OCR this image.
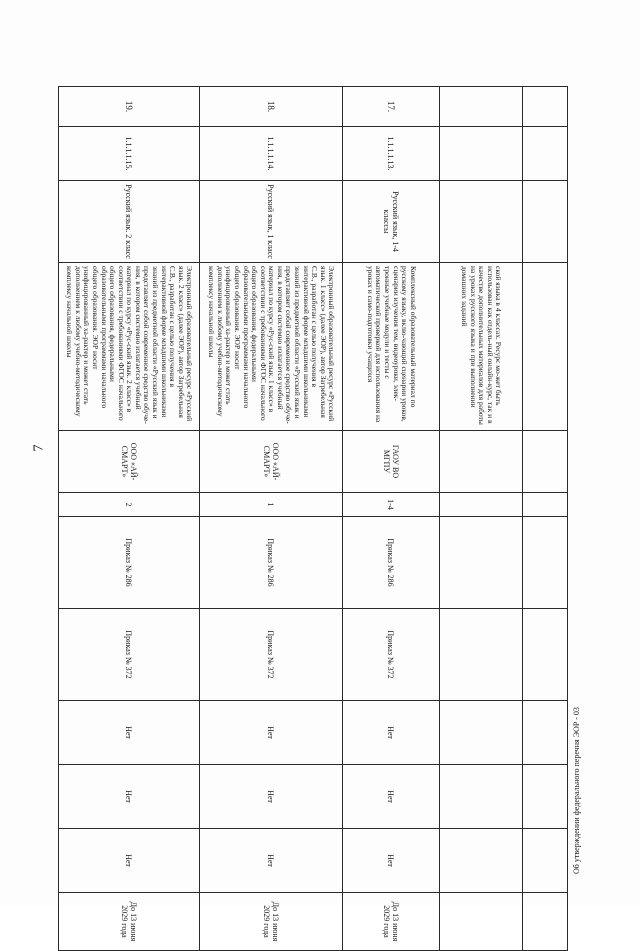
7

			ской языка в 4 классах. Ресурс мо-жет быть использован как отдель-ный онлайн-курс, так и в качестве дополнительных материалов для работы на уроках русского языка и при выполнении домашних заданий								
17.	1.1.1.1.13.	Русский язык, 1-4 классы	Комплексный образовательный материал по русскому языку, вклю-чающий сценарии уроков, сценарии изучения тем, видеоуроки, элек-тронные учебные модули и тесты с автоматической проверкой для использования на уроках и само-подготовки учащихся	ГАОУ ВО МГПУ	1-4	Приказ № 286	Приказ № 372	Нет	Нет	Нет	До 13 июня 2029 года
18.	1.1.1.1.14.	Русский язык, 1 класс	Электронный образовательный ресурс «Русский язык. 1 класс» (далее ЭОР), автор Загребельная С.В., разработан с целью получения в интерактивной форме младшими школьниками знаний из предметной области «Русский язык и представляет собой современное средство обуче-ния, в котором системно излагается учебный материал по курсу «Рус-ский язык. 1 класс» в соответствии с требованиями ФГОС начального общего образования, федеральными образовательными программами начального общего образования. ЭОР носит унифицированный ха-рактер и может стать дополнением к любому учебно-методическому комплексу начальной школы	ООО «АЙ-СМАРТ»	1	Приказ № 286	Приказ № 372	Нет	Нет	Нет	До 13 июня 2029 года
19.	1.1.1.1.15.	Русский язык. 2 класс	Электронный образовательный ресурс «Русский язык. 2 класс» (далее ЭОР), автор Загребельная С.В., разработан с целью получения в интерактивной форме младшими школьниками знаний из предметной области «Русский язык и представляет собой современное средство обуче-ния, в котором системно излагается учебный материал по курсу «Рус-ский язык. 2 класс» в соответствии с требованиями ФГОС начального общего образования, федеральными образовательными программами начального общего образования. ЭОР носит унифицированный ха-рактер и может стать дополнением к любому учебно-методическому комплексу начальной школы	ООО «АЙ-СМАРТ»	2	Приказ № 286	Приказ № 372	Нет	Нет	Нет	До 13 июня 2029 года
Об утверждении федерального перечня ЭОР - 03
